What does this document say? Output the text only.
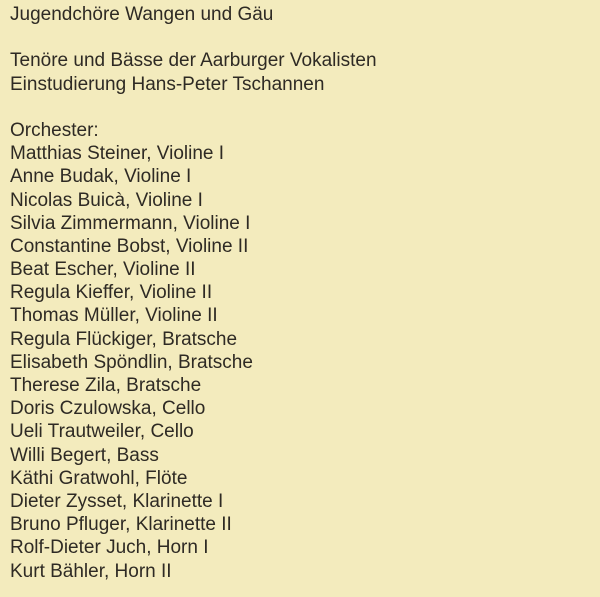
Jugendchöre Wangen und Gäu
Tenöre und Bässe der Aarburger Vokalisten
Einstudierung Hans-Peter Tschannen
Orchester:
Matthias Steiner, Violine I
Anne Budak, Violine I
Nicolas Buicà, Violine I
Silvia Zimmermann, Violine I
Constantine Bobst, Violine II
Beat Escher, Violine II
Regula Kieffer, Violine II
Thomas Müller, Violine II
Regula Flückiger, Bratsche
Elisabeth Spöndlin, Bratsche
Therese Zila, Bratsche
Doris Czulowska, Cello
Ueli Trautweiler, Cello
Willi Begert, Bass
Käthi Gratwohl, Flöte
Dieter Zysset, Klarinette I
Bruno Pfluger, Klarinette II
Rolf-Dieter Juch, Horn I
Kurt Bähler, Horn II
